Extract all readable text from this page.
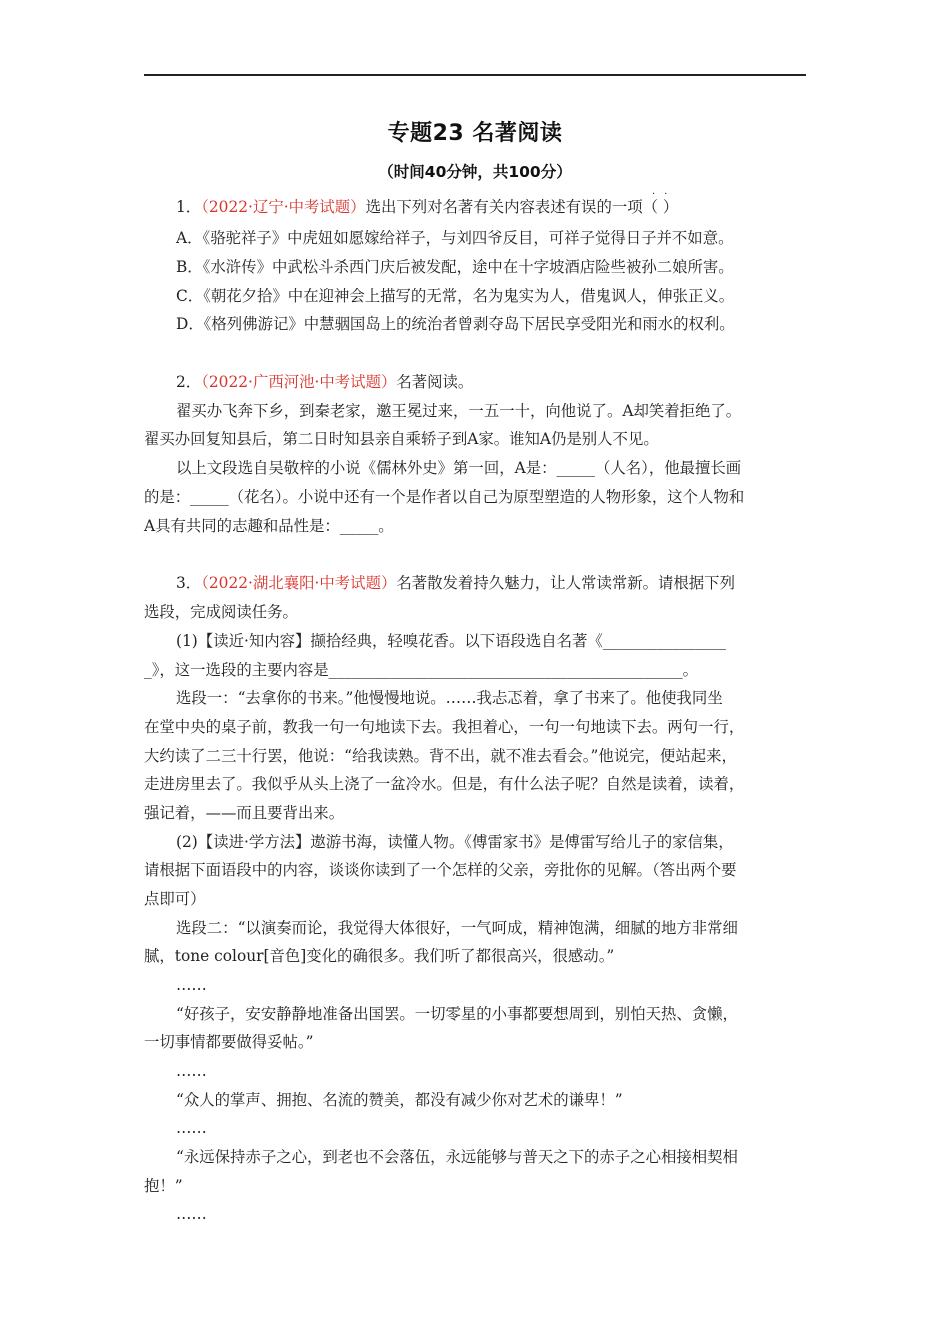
专题23 名著阅读
（时间40分钟，共100分）
··
1．（2022·辽宁·中考试题）选出下列对名著有关内容表述有误的一项（ ）
A．《骆驼祥子》中虎妞如愿嫁给祥子，与刘四爷反目，可祥子觉得日子并不如意。
B．《水浒传》中武松斗杀西门庆后被发配，途中在十字坡酒店险些被孙二娘所害。
C．《朝花夕拾》中在迎神会上描写的无常，名为鬼实为人，借鬼讽人，伸张正义。
D．《格列佛游记》中慧骃国岛上的统治者曾剥夺岛下居民享受阳光和雨水的权利。
2．（2022·广西河池·中考试题）名著阅读。
翟买办飞奔下乡，到秦老家，邀王冕过来，一五一十，向他说了。A却笑着拒绝了。
翟买办回复知县后，第二日时知县亲自乘轿子到A家。谁知A仍是别人不见。
以上文段选自吴敬梓的小说《儒林外史》第一回，A是：_____（人名），他最擅长画
的是：_____（花名）。小说中还有一个是作者以自己为原型塑造的人物形象，这个人物和
A具有共同的志趣和品性是：_____。
3．（2022·湖北襄阳·中考试题）名著散发着持久魅力，让人常读常新。请根据下列
选段，完成阅读任务。
(1)【读近·知内容】撷拾经典，轻嗅花香。以下语段选自名著《________________
_》，这一选段的主要内容是______________________________________________。
选段一：“去拿你的书来。”他慢慢地说。……我忐忑着，拿了书来了。他使我同坐
在堂中央的桌子前，教我一句一句地读下去。我担着心，一句一句地读下去。两句一行，
大约读了二三十行罢，他说：“给我读熟。背不出，就不准去看会。”他说完，便站起来，
走进房里去了。我似乎从头上浇了一盆冷水。但是，有什么法子呢？自然是读着，读着，
强记着，——而且要背出来。
(2)【读进·学方法】遨游书海，读懂人物。《傅雷家书》是傅雷写给儿子的家信集，
请根据下面语段中的内容，谈谈你读到了一个怎样的父亲，旁批你的见解。（答出两个要
点即可）
选段二：“以演奏而论，我觉得大体很好，一气呵成，精神饱满，细腻的地方非常细
腻，tone colour[音色]变化的确很多。我们听了都很高兴，很感动。”
……
“好孩子，安安静静地准备出国罢。一切零星的小事都要想周到，别怕天热、贪懒，
一切事情都要做得妥帖。”
……
“众人的掌声、拥抱、名流的赞美，都没有减少你对艺术的谦卑！”
……
“永远保持赤子之心，到老也不会落伍，永远能够与普天之下的赤子之心相接相契相
抱！”
……
